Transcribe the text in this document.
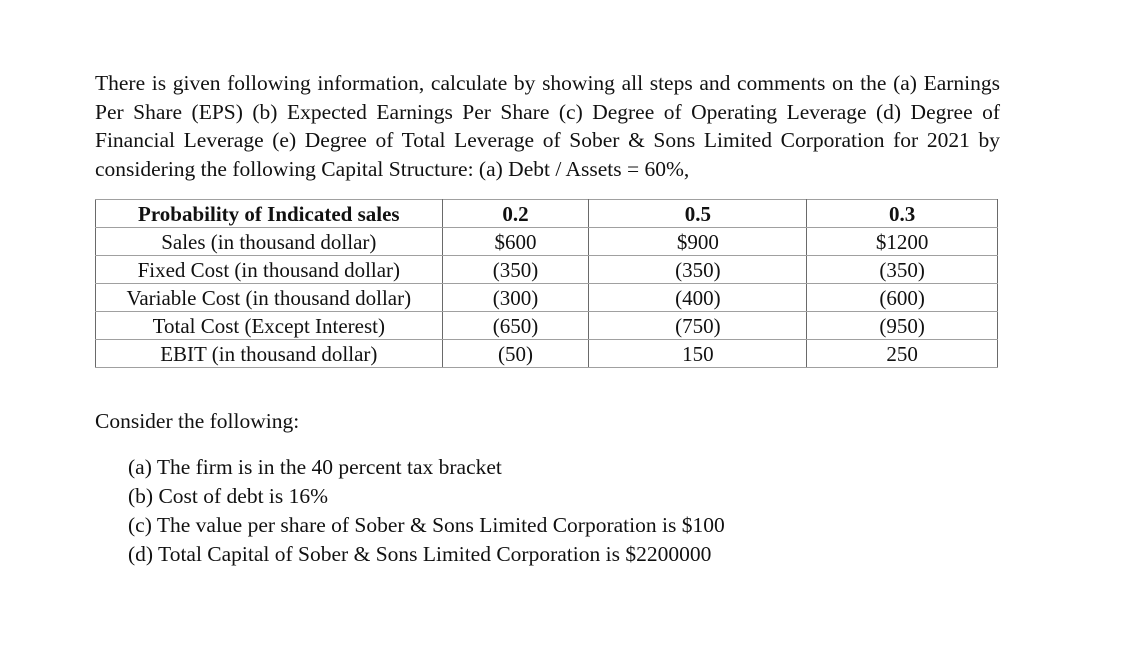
There is given following information, calculate by showing all steps and comments on the (a) Earnings Per Share (EPS) (b) Expected Earnings Per Share (c) Degree of Operating Leverage (d) Degree of Financial Leverage (e) Degree of Total Leverage of Sober & Sons Limited Corporation for 2021 by considering the following Capital Structure: (a) Debt / Assets = 60%,

Probability of Indicated sales	0.2	0.5	0.3
Sales (in thousand dollar)	$600	$900	$1200
Fixed Cost (in thousand dollar)	(350)	(350)	(350)
Variable Cost (in thousand dollar)	(300)	(400)	(600)
Total Cost (Except Interest)	(650)	(750)	(950)
EBIT (in thousand dollar)	(50)	150	250

Consider the following:

(a) The firm is in the 40 percent tax bracket
(b) Cost of debt is 16%
(c) The value per share of Sober & Sons Limited Corporation is $100
(d) Total Capital of Sober & Sons Limited Corporation is $2200000
